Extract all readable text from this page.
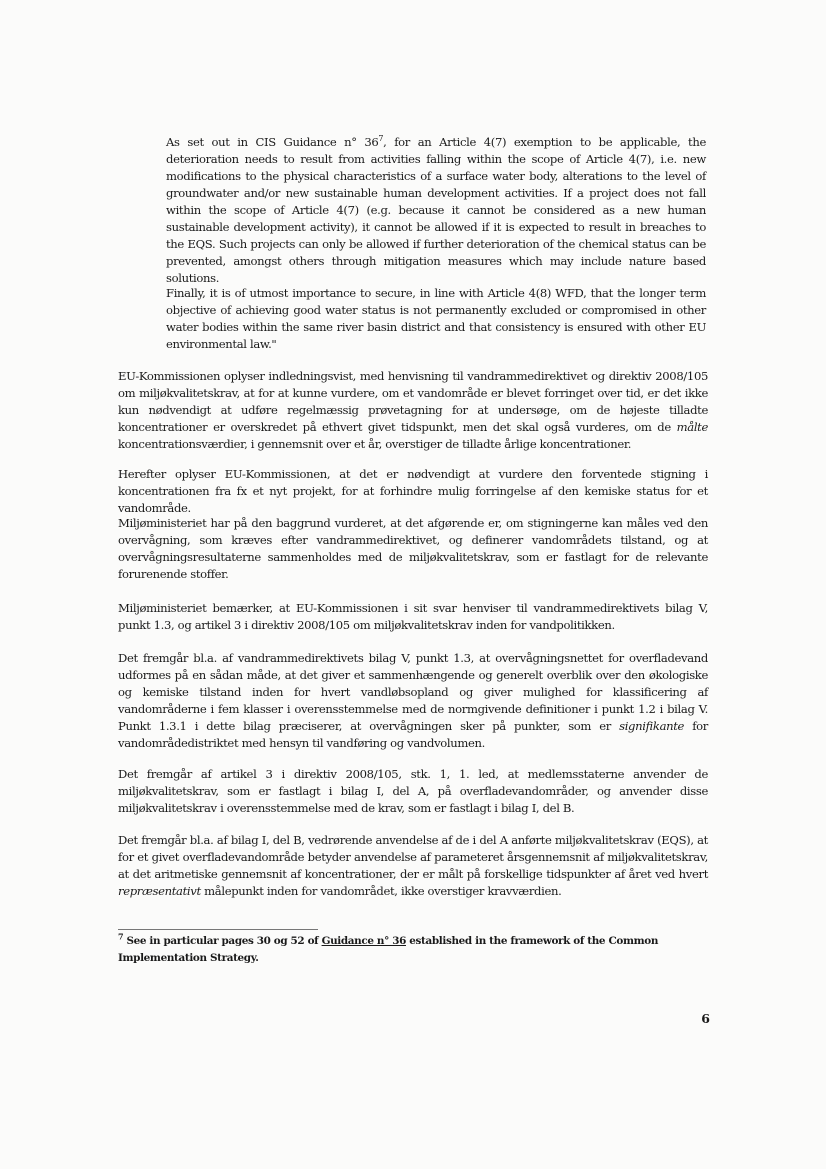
As set out in CIS Guidance n° $36^7$, for an Article 4(7) exemption to be applicable, the deterioration needs to result from activities falling within the scope of Article 4(7), i.e. new modifications to the physical characteristics of a surface water body, alterations to the level of groundwater and/or new sustainable human development activities. If a project does not fall within the scope of Article 4(7) (e.g. because it cannot be considered as a new human sustainable development activity), it cannot be allowed if it is expected to result in breaches to the EQS. Such projects can only be allowed if further deterioration of the chemical status can be prevented, amongst others through mitigation measures which may include nature based solutions.

Finally, it is of utmost importance to secure, in line with Article 4(8) WFD, that the longer term objective of achieving good water status is not permanently excluded or compromised in other water bodies within the same river basin district and that consistency is ensured with other EU environmental law."

EU-Kommissionen oplyser indledningsvist, med henvisning til vandrammedirektivet og direktiv 2008/105 om miljøkvalitetskrav, at for at kunne vurdere, om et vandområde er blevet forringet over tid, er det ikke kun nødvendigt at udføre regelmæssig prøvetagning for at undersøge, om de højeste tilladte koncentrationer er overskredet på ethvert givet tidspunkt, men det skal også vurderes, om de målte koncentrationsværdier, i gennemsnit over et år, overstiger de tilladte årlige koncentrationer.

Herefter oplyser EU-Kommissionen, at det er nødvendigt at vurdere den forventede stigning i koncentrationen fra fx et nyt projekt, for at forhindre mulig forringelse af den kemiske status for et vandområde.

Miljøministeriet har på den baggrund vurderet, at det afgørende er, om stigningerne kan måles ved den overvågning, som kræves efter vandrammedirektivet, og definerer vandområdets tilstand, og at overvågningsresultaterne sammenholdes med de miljøkvalitetskrav, som er fastlagt for de relevante forurenende stoffer.

Miljøministeriet bemærker, at EU-Kommissionen i sit svar henviser til vandrammedirektivets bilag V, punkt 1.3, og artikel 3 i direktiv 2008/105 om miljøkvalitetskrav inden for vandpolitikken.

Det fremgår bl.a. af vandrammedirektivets bilag V, punkt 1.3, at overvågningsnettet for overfladevand udformes på en sådan måde, at det giver et sammenhængende og generelt overblik over den økologiske og kemiske tilstand inden for hvert vandløbsopland og giver mulighed for klassificering af vandområderne i fem klasser i overensstemmelse med de normgivende definitioner i punkt 1.2 i bilag V. Punkt 1.3.1 i dette bilag præciserer, at overvågningen sker på punkter, som er signifikante for vandområdedistriktet med hensyn til vandføring og vandvolumen.

Det fremgår af artikel 3 i direktiv 2008/105, stk. 1, 1. led, at medlemsstaterne anvender de miljøkvalitetskrav, som er fastlagt i bilag I, del A, på overfladevandområder, og anvender disse miljøkvalitetskrav i overensstemmelse med de krav, som er fastlagt i bilag I, del B.

Det fremgår bl.a. af bilag I, del B, vedrørende anvendelse af de i del A anførte miljøkvalitetskrav (EQS), at for et givet overfladevandområde betyder anvendelse af parameteret årsgennemsnit af miljøkvalitetskrav, at det aritmetiske gennemsnit af koncentrationer, der er målt på forskellige tidspunkter af året ved hvert repræsentativt målepunkt inden for vandområdet, ikke overstiger kravværdien.

$^7$ See in particular pages 30 og 52 of Guidance n° 36 established in the framework of the Common Implementation Strategy.

6
